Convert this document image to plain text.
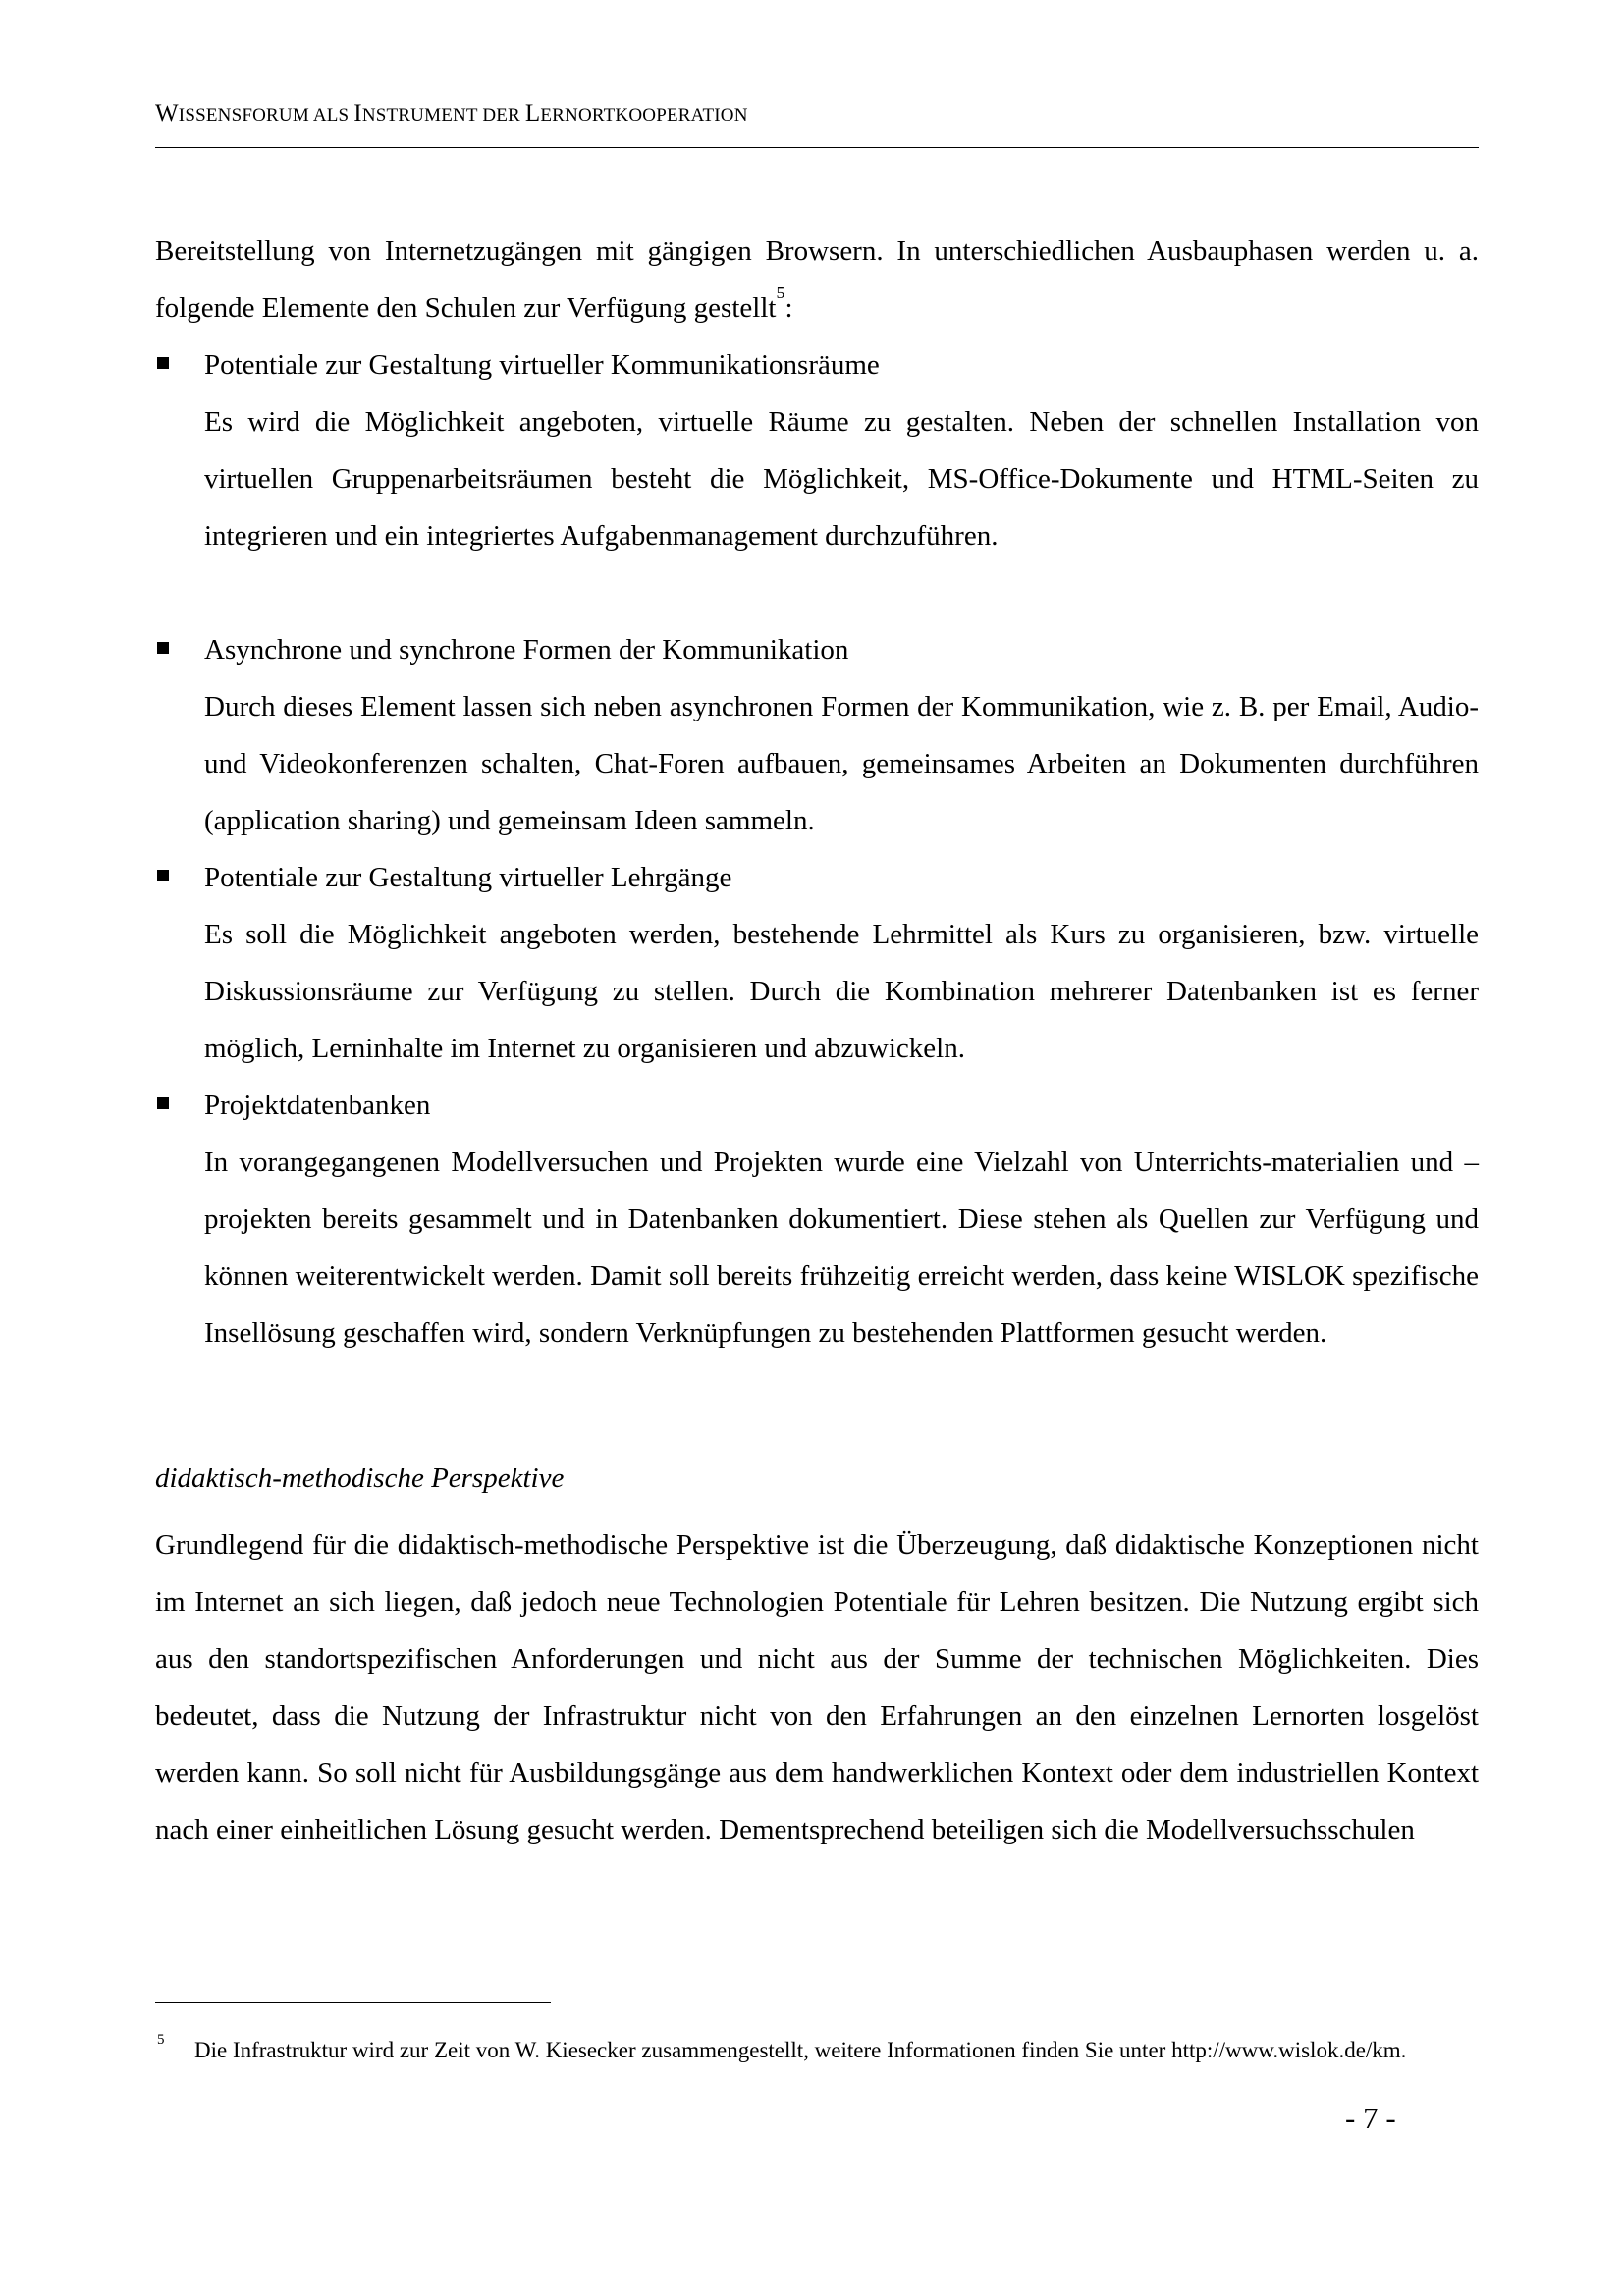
WISSENSFORUM ALS INSTRUMENT DER LERNORTKOOPERATION
Bereitstellung von Internetzugängen mit gängigen Browsern. In unterschiedlichen Ausbauphasen werden u. a. folgende Elemente den Schulen zur Verfügung gestellt$^5$:
Potentiale zur Gestaltung virtueller Kommunikationsräume
Es wird die Möglichkeit angeboten, virtuelle Räume zu gestalten. Neben der schnellen Installation von virtuellen Gruppenarbeitsräumen besteht die Möglichkeit, MS-Office-Dokumente und HTML-Seiten zu integrieren und ein integriertes Aufgabenmanagement durchzuführen.
Asynchrone und synchrone Formen der Kommunikation
Durch dieses Element lassen sich neben asynchronen Formen der Kommunikation, wie z. B. per Email, Audio- und Videokonferenzen schalten, Chat-Foren aufbauen, gemeinsames Arbeiten an Dokumenten durchführen (application sharing) und gemeinsam Ideen sammeln.
Potentiale zur Gestaltung virtueller Lehrgänge
Es soll die Möglichkeit angeboten werden, bestehende Lehrmittel als Kurs zu organisieren, bzw. virtuelle Diskussionsräume zur Verfügung zu stellen. Durch die Kombination mehrerer Datenbanken ist es ferner möglich, Lerninhalte im Internet zu organisieren und abzuwickeln.
Projektdatenbanken
In vorangegangenen Modellversuchen und Projekten wurde eine Vielzahl von Unterrichts-materialien und –projekten bereits gesammelt und in Datenbanken dokumentiert. Diese stehen als Quellen zur Verfügung und können weiterentwickelt werden. Damit soll bereits frühzeitig erreicht werden, dass keine WISLOK spezifische Insellösung geschaffen wird, sondern Verknüpfungen zu bestehenden Plattformen gesucht werden.
didaktisch-methodische Perspektive
Grundlegend für die didaktisch-methodische Perspektive ist die Überzeugung, daß didaktische Konzeptionen nicht im Internet an sich liegen, daß jedoch neue Technologien Potentiale für Lehren besitzen. Die Nutzung ergibt sich aus den standortspezifischen Anforderungen und nicht aus der Summe der technischen Möglichkeiten. Dies bedeutet, dass die Nutzung der Infrastruktur nicht von den Erfahrungen an den einzelnen Lernorten losgelöst werden kann. So soll nicht für Ausbildungsgänge aus dem handwerklichen Kontext oder dem industriellen Kontext nach einer einheitlichen Lösung gesucht werden. Dementsprechend beteiligen sich die Modellversuchsschulen
5 Die Infrastruktur wird zur Zeit von W. Kiesecker zusammengestellt, weitere Informationen finden Sie unter http://www.wislok.de/km.
- 7 -
